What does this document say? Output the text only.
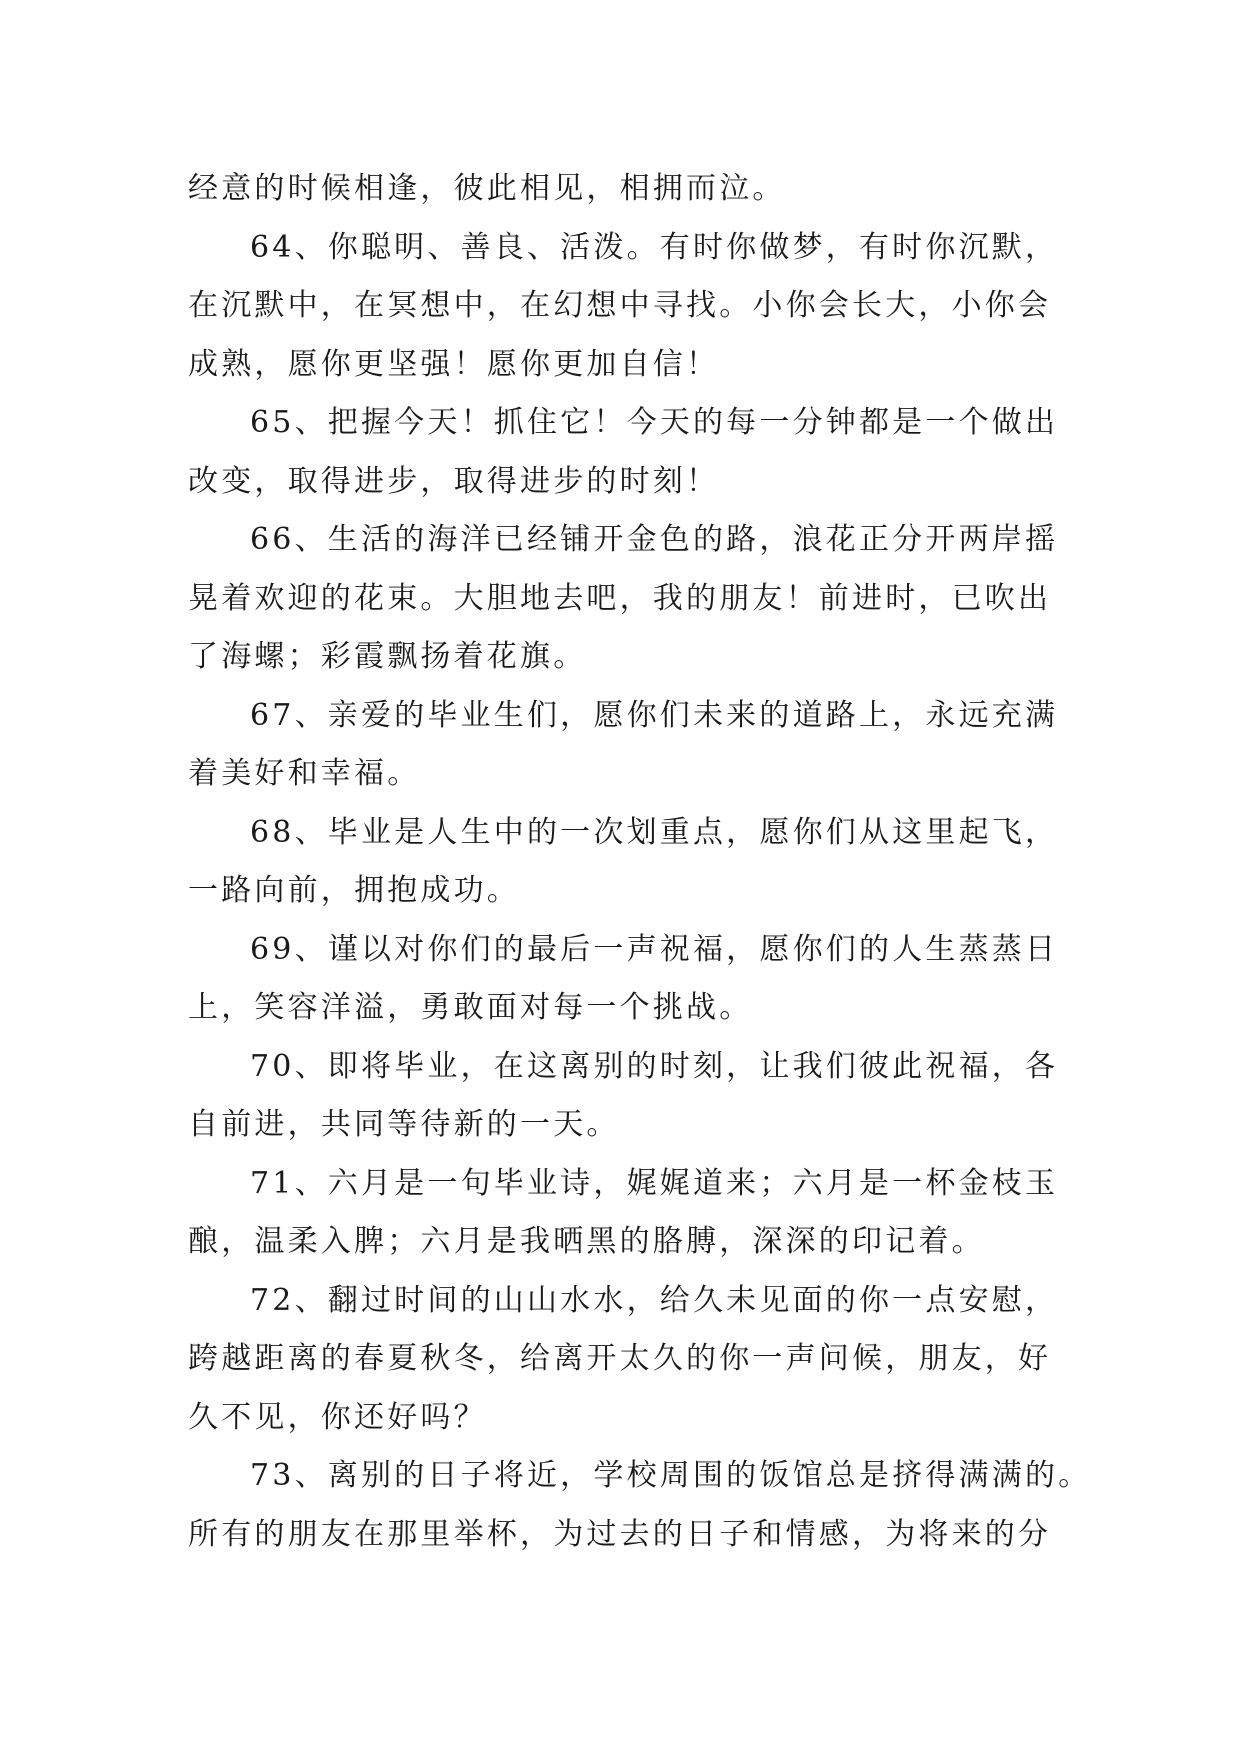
经意的时候相逢，彼此相见，相拥而泣。
64、你聪明、善良、活泼。有时你做梦，有时你沉默，
在沉默中，在冥想中，在幻想中寻找。小你会长大，小你会
成熟，愿你更坚强！愿你更加自信！
65、把握今天！抓住它！今天的每一分钟都是一个做出
改变，取得进步，取得进步的时刻！
66、生活的海洋已经铺开金色的路，浪花正分开两岸摇
晃着欢迎的花束。大胆地去吧，我的朋友！前进时，已吹出
了海螺；彩霞飘扬着花旗。
67、亲爱的毕业生们，愿你们未来的道路上，永远充满
着美好和幸福。
68、毕业是人生中的一次划重点，愿你们从这里起飞，
一路向前，拥抱成功。
69、谨以对你们的最后一声祝福，愿你们的人生蒸蒸日
上，笑容洋溢，勇敢面对每一个挑战。
70、即将毕业，在这离别的时刻，让我们彼此祝福，各
自前进，共同等待新的一天。
71、六月是一句毕业诗，娓娓道来；六月是一杯金枝玉
酿，温柔入脾；六月是我晒黑的胳膊，深深的印记着。
72、翻过时间的山山水水，给久未见面的你一点安慰，
跨越距离的春夏秋冬，给离开太久的你一声问候，朋友，好
久不见，你还好吗？
73、离别的日子将近，学校周围的饭馆总是挤得满满的。
所有的朋友在那里举杯，为过去的日子和情感，为将来的分
